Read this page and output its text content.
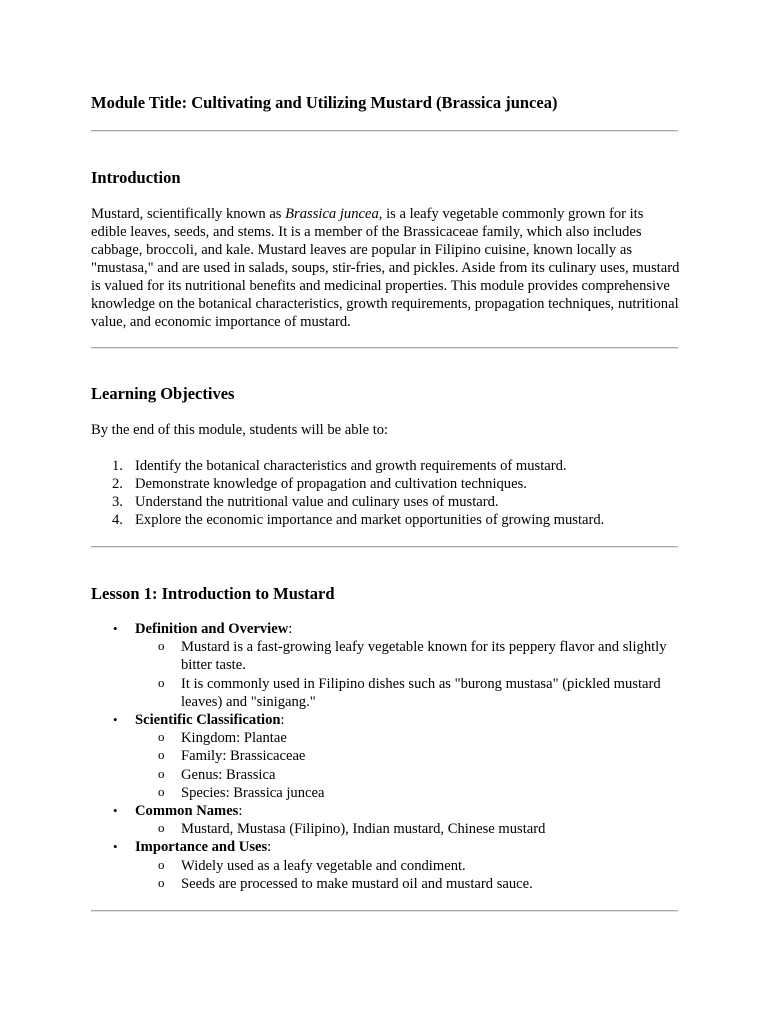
Module Title: Cultivating and Utilizing Mustard (Brassica juncea)
Introduction

Mustard, scientifically known as Brassica juncea, is a leafy vegetable commonly grown for its edible leaves, seeds, and stems. It is a member of the Brassicaceae family, which also includes cabbage, broccoli, and kale. Mustard leaves are popular in Filipino cuisine, known locally as "mustasa," and are used in salads, soups, stir-fries, and pickles. Aside from its culinary uses, mustard is valued for its nutritional benefits and medicinal properties. This module provides comprehensive knowledge on the botanical characteristics, growth requirements, propagation techniques, nutritional value, and economic importance of mustard.

Learning Objectives

By the end of this module, students will be able to:

1. Identify the botanical characteristics and growth requirements of mustard.
2. Demonstrate knowledge of propagation and cultivation techniques.
3. Understand the nutritional value and culinary uses of mustard.
4. Explore the economic importance and market opportunities of growing mustard.
Lesson 1: Introduction to Mustard
• Definition and Overview:
o Mustard is a fast-growing leafy vegetable known for its peppery flavor and slightly bitter taste.
o It is commonly used in Filipino dishes such as "burong mustasa" (pickled mustard leaves) and "sinigang."
• Scientific Classification:
o Kingdom: Plantae
o Family: Brassicaceae
o Genus: Brassica
o Species: Brassica juncea
• Common Names:
o Mustard, Mustasa (Filipino), Indian mustard, Chinese mustard
• Importance and Uses:
o Widely used as a leafy vegetable and condiment.
o Seeds are processed to make mustard oil and mustard sauce.
